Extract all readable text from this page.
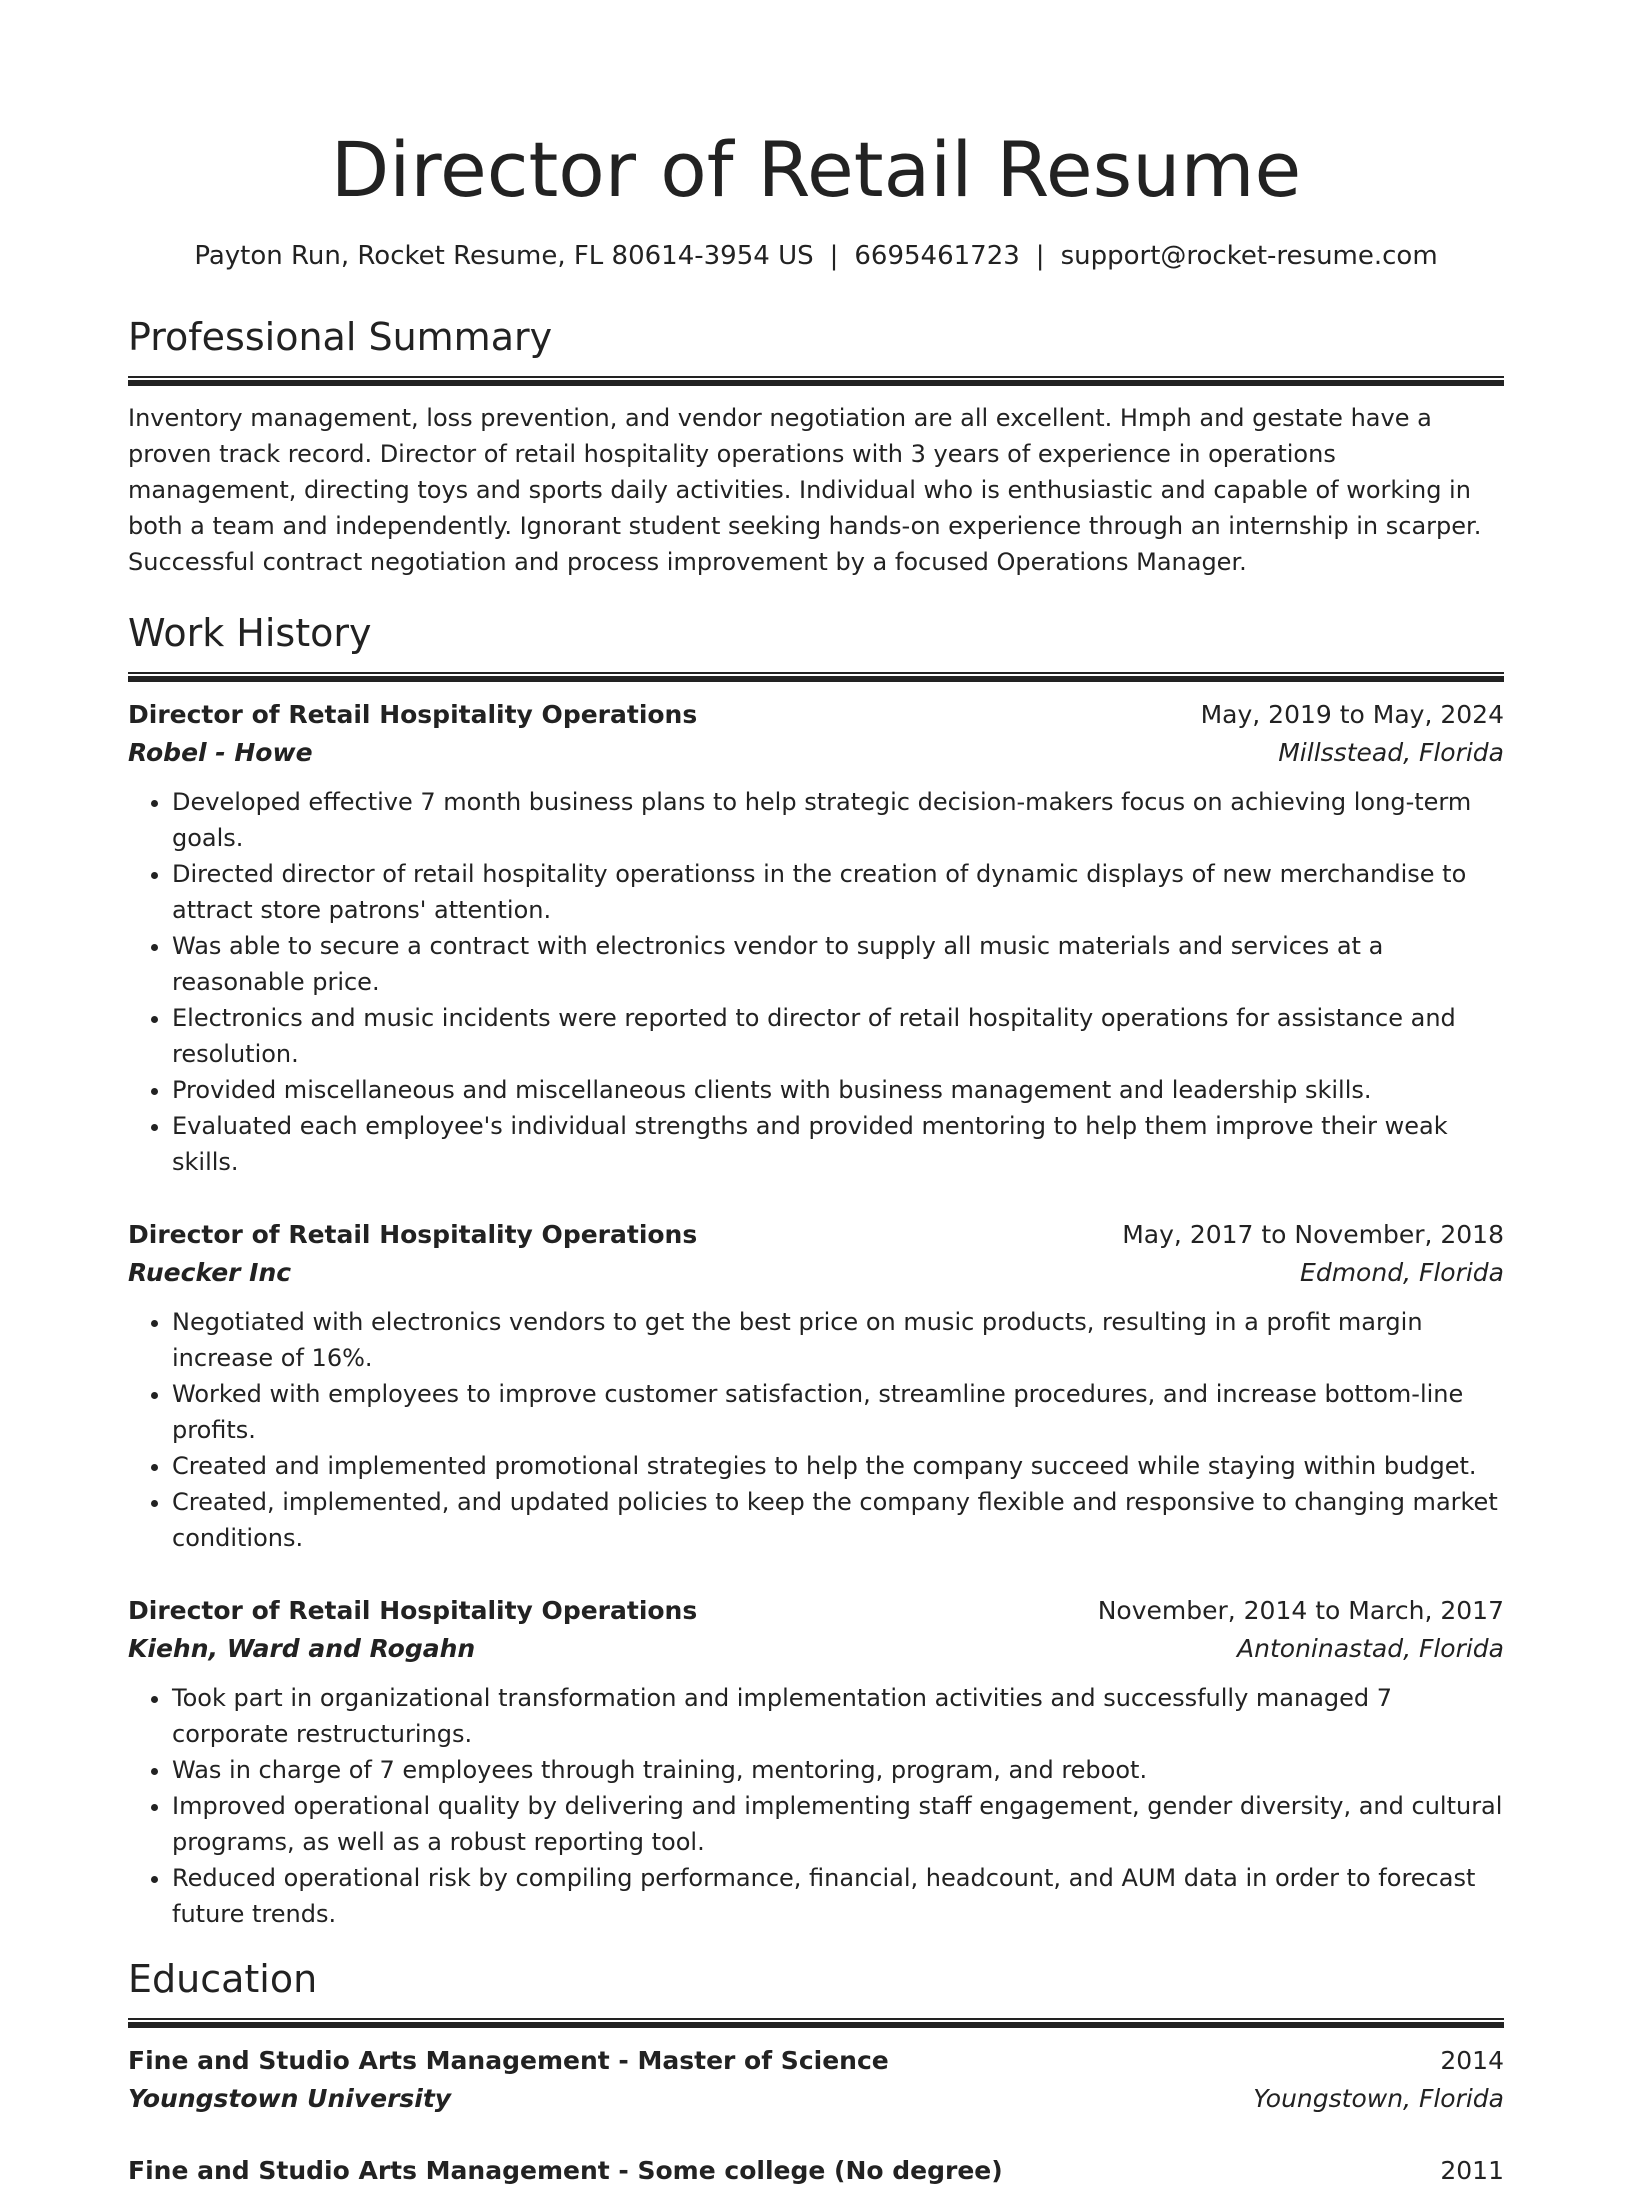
Director of Retail Resume
Payton Run, Rocket Resume, FL 80614-3954 US | 6695461723 | support@rocket-resume.com
Professional Summary
Inventory management, loss prevention, and vendor negotiation are all excellent. Hmph and gestate have a proven track record. Director of retail hospitality operations with 3 years of experience in operations management, directing toys and sports daily activities. Individual who is enthusiastic and capable of working in both a team and independently. Ignorant student seeking hands-on experience through an internship in scarper. Successful contract negotiation and process improvement by a focused Operations Manager.
Work History
Director of Retail Hospitality Operations	May, 2019 to May, 2024
Robel - Howe	Millsstead, Florida
• Developed effective 7 month business plans to help strategic decision-makers focus on achieving long-term goals.
• Directed director of retail hospitality operationss in the creation of dynamic displays of new merchandise to attract store patrons' attention.
• Was able to secure a contract with electronics vendor to supply all music materials and services at a reasonable price.
• Electronics and music incidents were reported to director of retail hospitality operations for assistance and resolution.
• Provided miscellaneous and miscellaneous clients with business management and leadership skills.
• Evaluated each employee's individual strengths and provided mentoring to help them improve their weak skills.
Director of Retail Hospitality Operations	May, 2017 to November, 2018
Ruecker Inc	Edmond, Florida
• Negotiated with electronics vendors to get the best price on music products, resulting in a profit margin increase of 16%.
• Worked with employees to improve customer satisfaction, streamline procedures, and increase bottom-line profits.
• Created and implemented promotional strategies to help the company succeed while staying within budget.
• Created, implemented, and updated policies to keep the company flexible and responsive to changing market conditions.
Director of Retail Hospitality Operations	November, 2014 to March, 2017
Kiehn, Ward and Rogahn	Antoninastad, Florida
• Took part in organizational transformation and implementation activities and successfully managed 7 corporate restructurings.
• Was in charge of 7 employees through training, mentoring, program, and reboot.
• Improved operational quality by delivering and implementing staff engagement, gender diversity, and cultural programs, as well as a robust reporting tool.
• Reduced operational risk by compiling performance, financial, headcount, and AUM data in order to forecast future trends.
Education
Fine and Studio Arts Management - Master of Science	2014
Youngstown University	Youngstown, Florida
Fine and Studio Arts Management - Some college (No degree)	2011
